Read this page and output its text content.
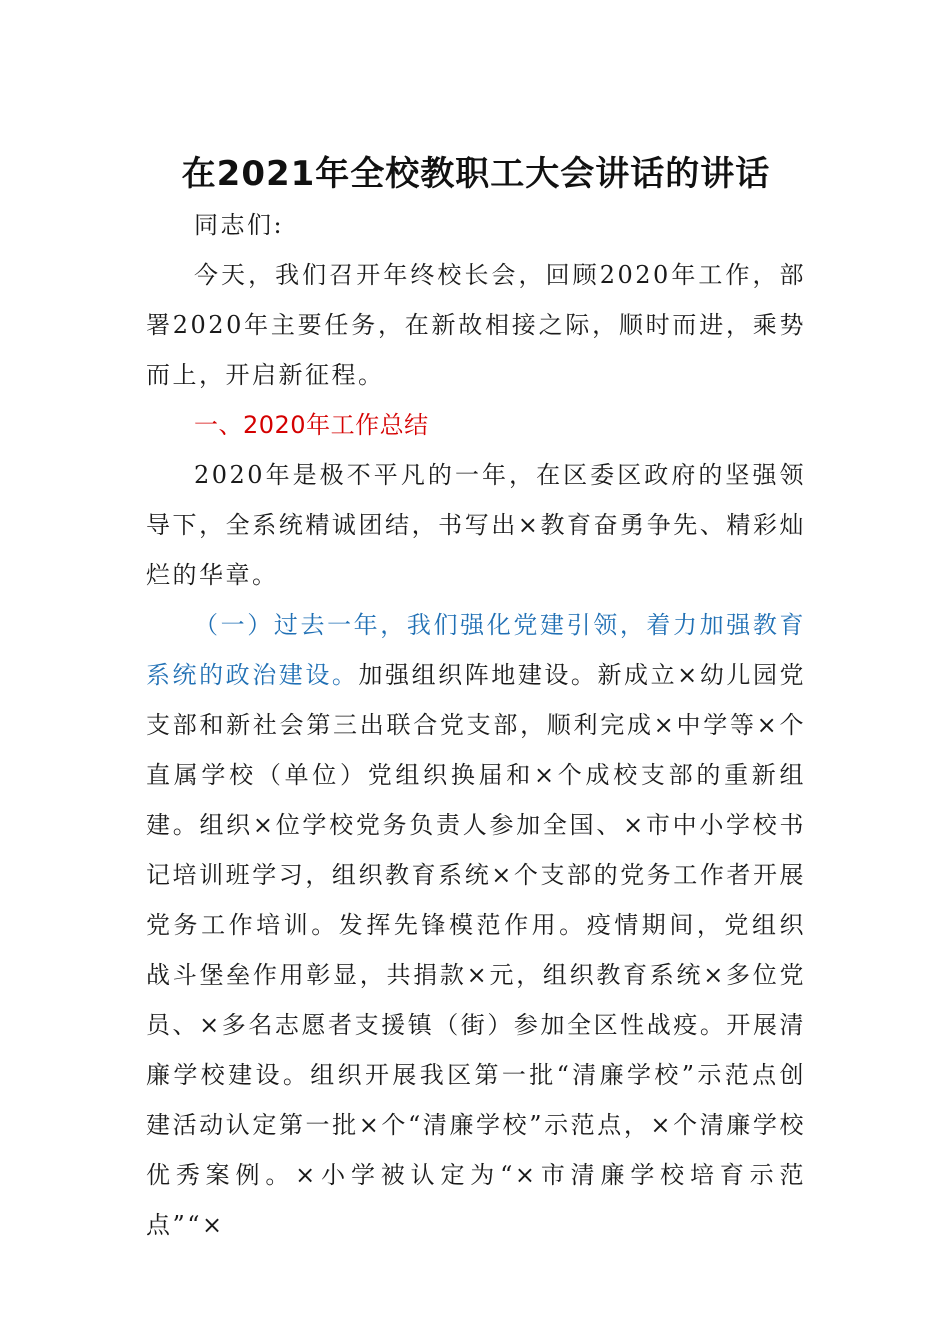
在2021年全校教职工大会讲话的讲话

同志们:

今天，我们召开年终校长会，回顾2020年工作，部署2020年主要任务，在新故相接之际，顺时而进，乘势而上，开启新征程。

一、2020年工作总结

2020年是极不平凡的一年，在区委区政府的坚强领导下，全系统精诚团结，书写出×教育奋勇争先、精彩灿烂的华章。

（一）过去一年，我们强化党建引领，着力加强教育系统的政治建设。加强组织阵地建设。新成立×幼儿园党支部和新社会第三出联合党支部，顺利完成×中学等×个直属学校（单位）党组织换届和×个成校支部的重新组建。组织×位学校党务负责人参加全国、×市中小学校书记培训班学习，组织教育系统×个支部的党务工作者开展党务工作培训。发挥先锋模范作用。疫情期间，党组织战斗堡垒作用彰显，共捐款×元，组织教育系统×多位党员、×多名志愿者支援镇（街）参加全区性战疫。开展清廉学校建设。组织开展我区第一批“清廉学校”示范点创建活动认定第一批×个“清廉学校”示范点，×个清廉学校优秀案例。×小学被认定为“×市清廉学校培育示范点”“×
